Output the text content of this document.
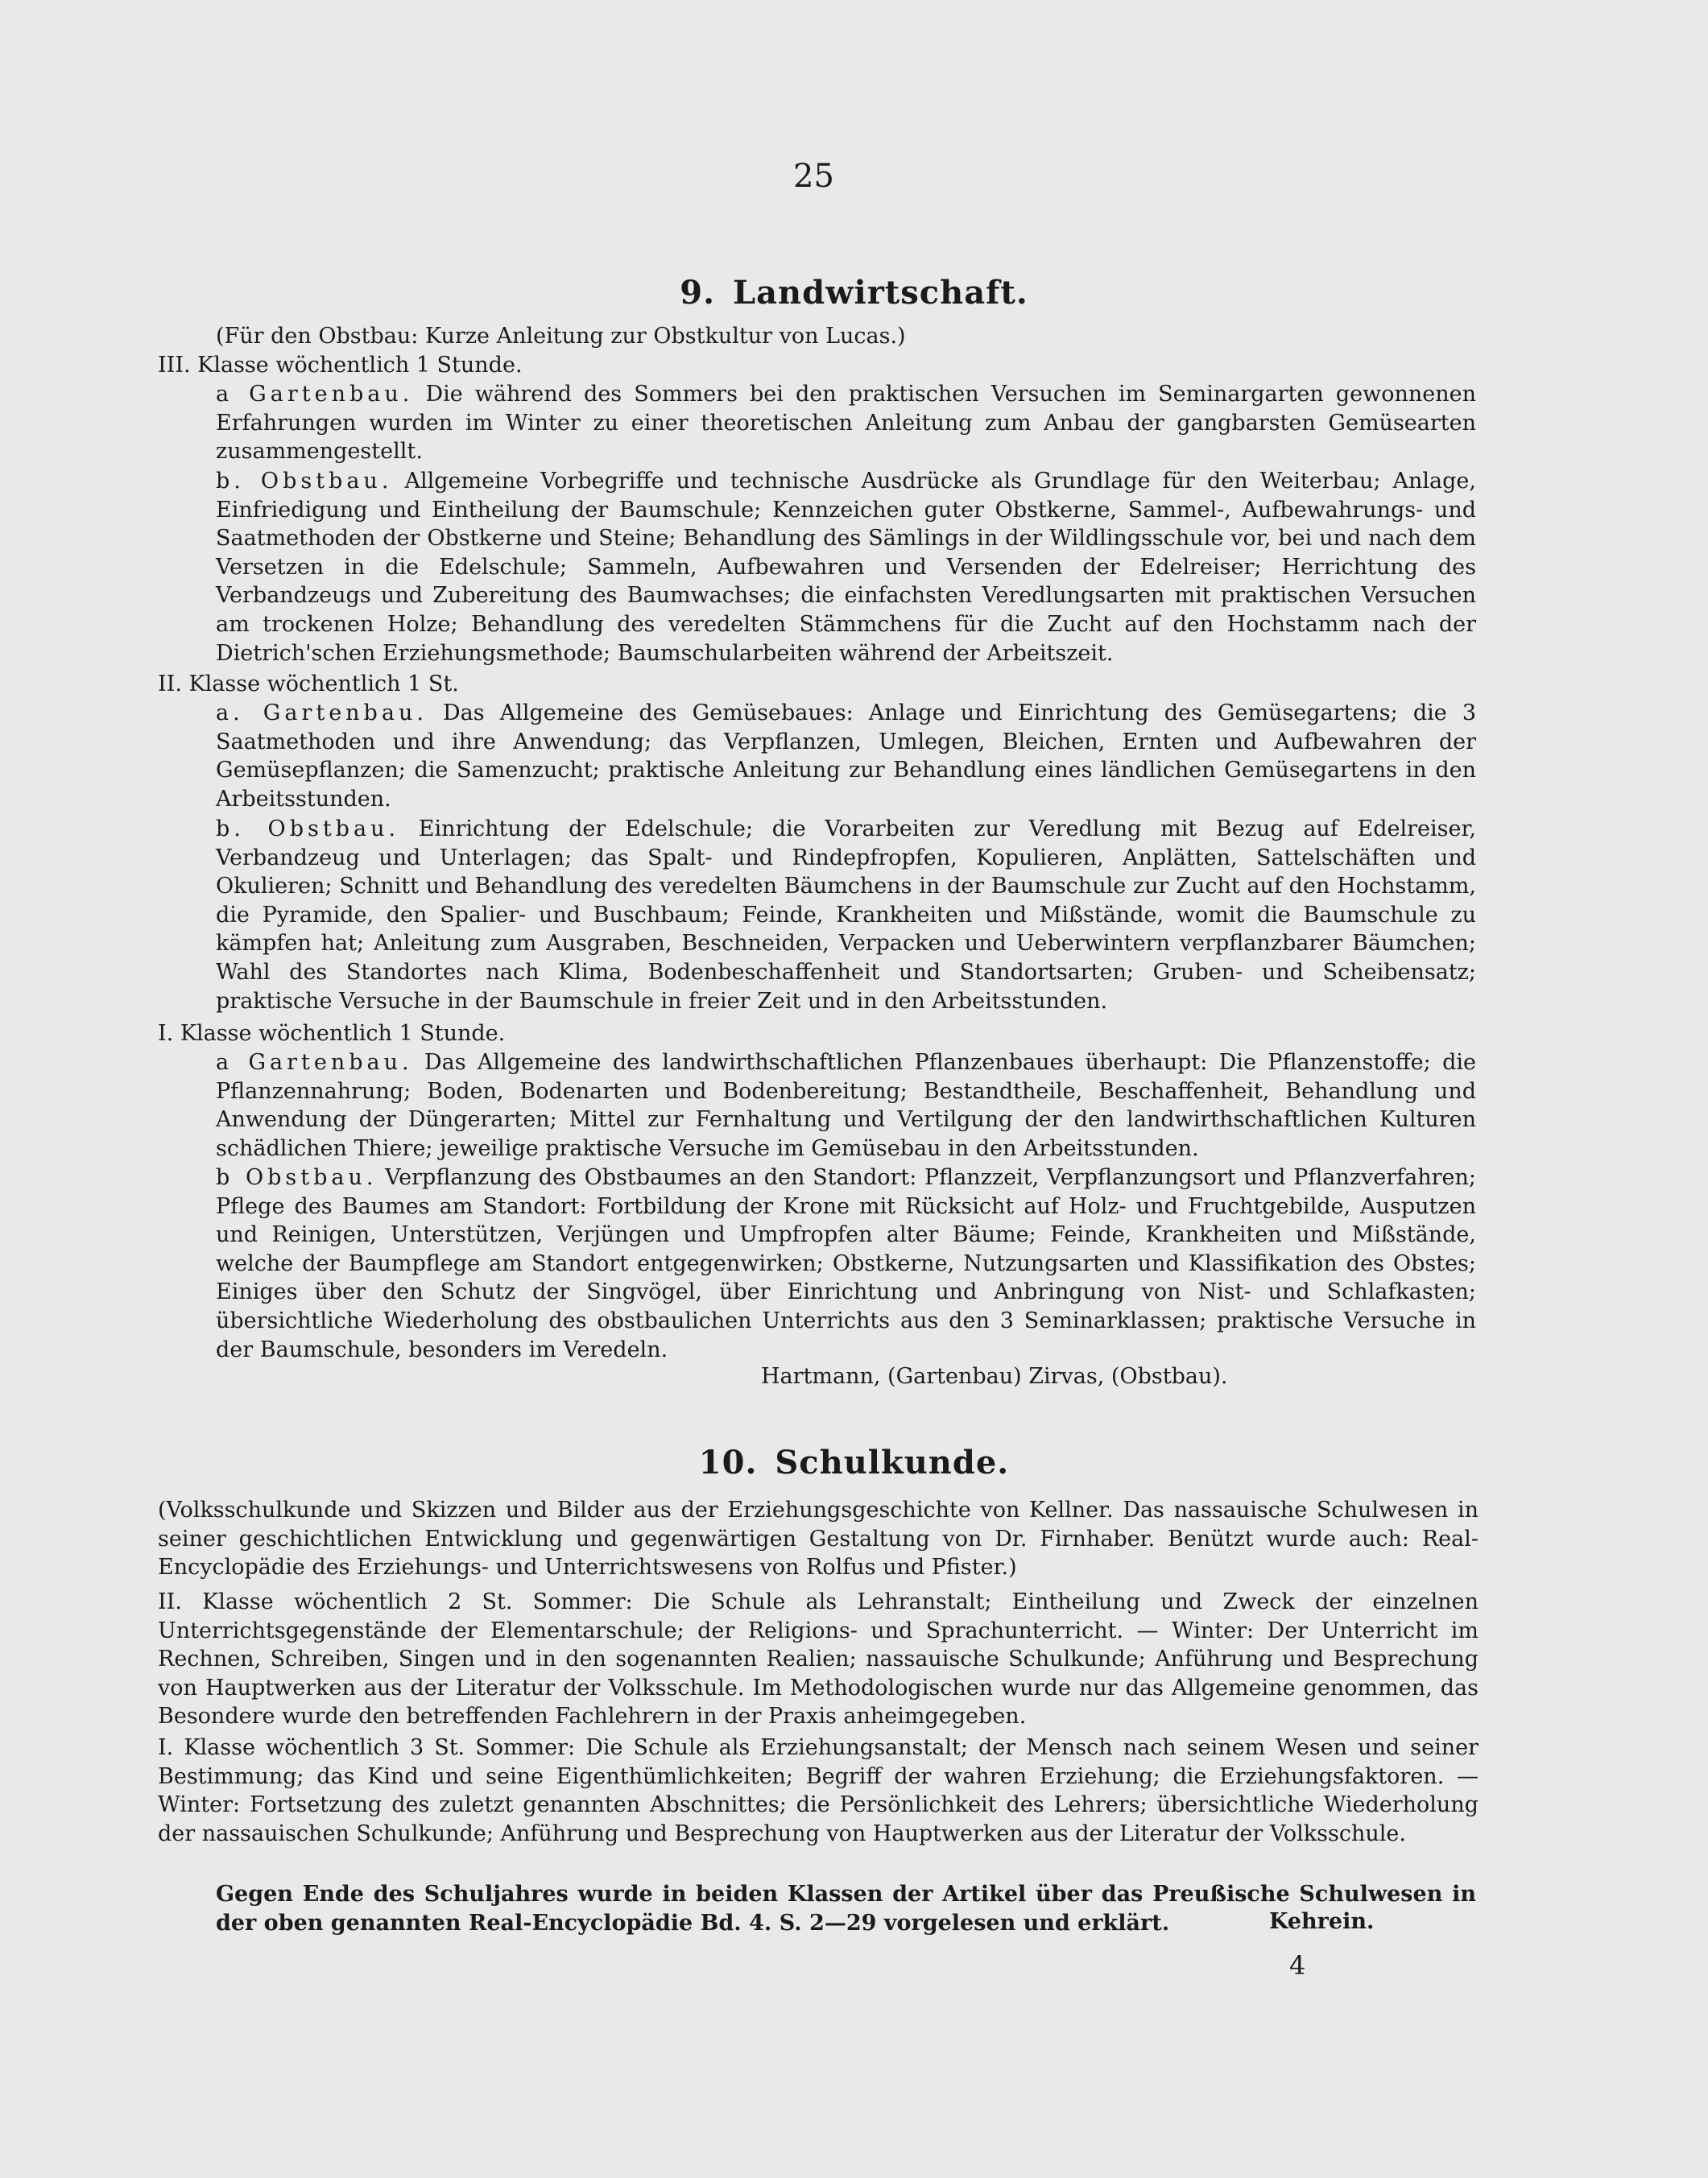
25
9. Landwirtschaft.
(Für den Obstbau: Kurze Anleitung zur Obstkultur von Lucas.)
III. Klasse wöchentlich 1 Stunde.

a Gartenbau. Die während des Sommers bei den praktischen Versuchen im Seminargarten gewonnenen Erfahrungen wurden im Winter zu einer theoretischen Anleitung zum Anbau der gangbarsten Gemüsearten zusammengestellt.

b. Obstbau. Allgemeine Vorbegriffe und technische Ausdrücke als Grundlage für den Weiterbau; Anlage, Einfriedigung und Eintheilung der Baumschule; Kennzeichen guter Obstkerne, Sammel-, Aufbewahrungs- und Saatmethoden der Obstkerne und Steine; Behandlung des Sämlings in der Wildlingsschule vor, bei und nach dem Versetzen in die Edelschule; Sammeln, Aufbewahren und Versenden der Edelreiser; Herrichtung des Verbandzeugs und Zubereitung des Baumwachses; die einfachsten Veredlungsarten mit praktischen Versuchen am trockenen Holze; Behandlung des veredelten Stämmchens für die Zucht auf den Hochstamm nach der Dietrich'schen Erziehungsmethode; Baumschularbeiten während der Arbeitszeit.

II. Klasse wöchentlich 1 St.

a. Gartenbau. Das Allgemeine des Gemüsebaues: Anlage und Einrichtung des Gemüsegartens; die 3 Saatmethoden und ihre Anwendung; das Verpflanzen, Umlegen, Bleichen, Ernten und Aufbewahren der Gemüsepflanzen; die Samenzucht; praktische Anleitung zur Behandlung eines ländlichen Gemüsegartens in den Arbeitsstunden.

b. Obstbau. Einrichtung der Edelschule; die Vorarbeiten zur Veredlung mit Bezug auf Edelreiser, Verbandzeug und Unterlagen; das Spalt- und Rindepfropfen, Kopulieren, Anplätten, Sattelschäften und Okulieren; Schnitt und Behandlung des veredelten Bäumchens in der Baumschule zur Zucht auf den Hochstamm, die Pyramide, den Spalier- und Buschbaum; Feinde, Krankheiten und Mißstände, womit die Baumschule zu kämpfen hat; Anleitung zum Ausgraben, Beschneiden, Verpacken und Ueberwintern verpflanzbarer Bäumchen; Wahl des Standortes nach Klima, Bodenbeschaffenheit und Standortsarten; Gruben- und Scheibensatz; praktische Versuche in der Baumschule in freier Zeit und in den Arbeitsstunden.

I. Klasse wöchentlich 1 Stunde.

a Gartenbau. Das Allgemeine des landwirthschaftlichen Pflanzenbaues überhaupt: Die Pflanzenstoffe; die Pflanzennahrung; Boden, Bodenarten und Bodenbereitung; Bestandtheile, Beschaffenheit, Behandlung und Anwendung der Düngerarten; Mittel zur Fernhaltung und Vertilgung der den landwirthschaftlichen Kulturen schädlichen Thiere; jeweilige praktische Versuche im Gemüsebau in den Arbeitsstunden.

b Obstbau. Verpflanzung des Obstbaumes an den Standort: Pflanzzeit, Verpflanzungsort und Pflanzverfahren; Pflege des Baumes am Standort: Fortbildung der Krone mit Rücksicht auf Holz- und Fruchtgebilde, Ausputzen und Reinigen, Unterstützen, Verjüngen und Umpfropfen alter Bäume; Feinde, Krankheiten und Mißstände, welche der Baumpflege am Standort entgegenwirken; Obstkerne, Nutzungsarten und Klassifikation des Obstes; Einiges über den Schutz der Singvögel, über Einrichtung und Anbringung von Nist- und Schlafkasten; übersichtliche Wiederholung des obstbaulichen Unterrichts aus den 3 Seminarklassen; praktische Versuche in der Baumschule, besonders im Veredeln.

Hartmann, (Gartenbau) Zirvas, (Obstbau).
10. Schulkunde.
(Volksschulkunde und Skizzen und Bilder aus der Erziehungsgeschichte von Kellner. Das nassauische Schulwesen in seiner geschichtlichen Entwicklung und gegenwärtigen Gestaltung von Dr. Firnhaber. Benützt wurde auch: Real-Encyclopädie des Erziehungs- und Unterrichtswesens von Rolfus und Pfister.)
II. Klasse wöchentlich 2 St. Sommer: Die Schule als Lehranstalt; Eintheilung und Zweck der einzelnen Unterrichtsgegenstände der Elementarschule; der Religions- und Sprachunterricht. — Winter: Der Unterricht im Rechnen, Schreiben, Singen und in den sogenannten Realien; nassauische Schulkunde; Anführung und Besprechung von Hauptwerken aus der Literatur der Volksschule. Im Methodologischen wurde nur das Allgemeine genommen, das Besondere wurde den betreffenden Fachlehrern in der Praxis anheimgegeben.
I. Klasse wöchentlich 3 St. Sommer: Die Schule als Erziehungsanstalt; der Mensch nach seinem Wesen und seiner Bestimmung; das Kind und seine Eigenthümlichkeiten; Begriff der wahren Erziehung; die Erziehungsfaktoren. — Winter: Fortsetzung des zuletzt genannten Abschnittes; die Persönlichkeit des Lehrers; übersichtliche Wiederholung der nassauischen Schulkunde; Anführung und Besprechung von Hauptwerken aus der Literatur der Volksschule.
Gegen Ende des Schuljahres wurde in beiden Klassen der Artikel über das Preußische Schulwesen in der oben genannten Real-Encyclopädie Bd. 4. S. 2—29 vorgelesen und erklärt.	Kehrein.
4
